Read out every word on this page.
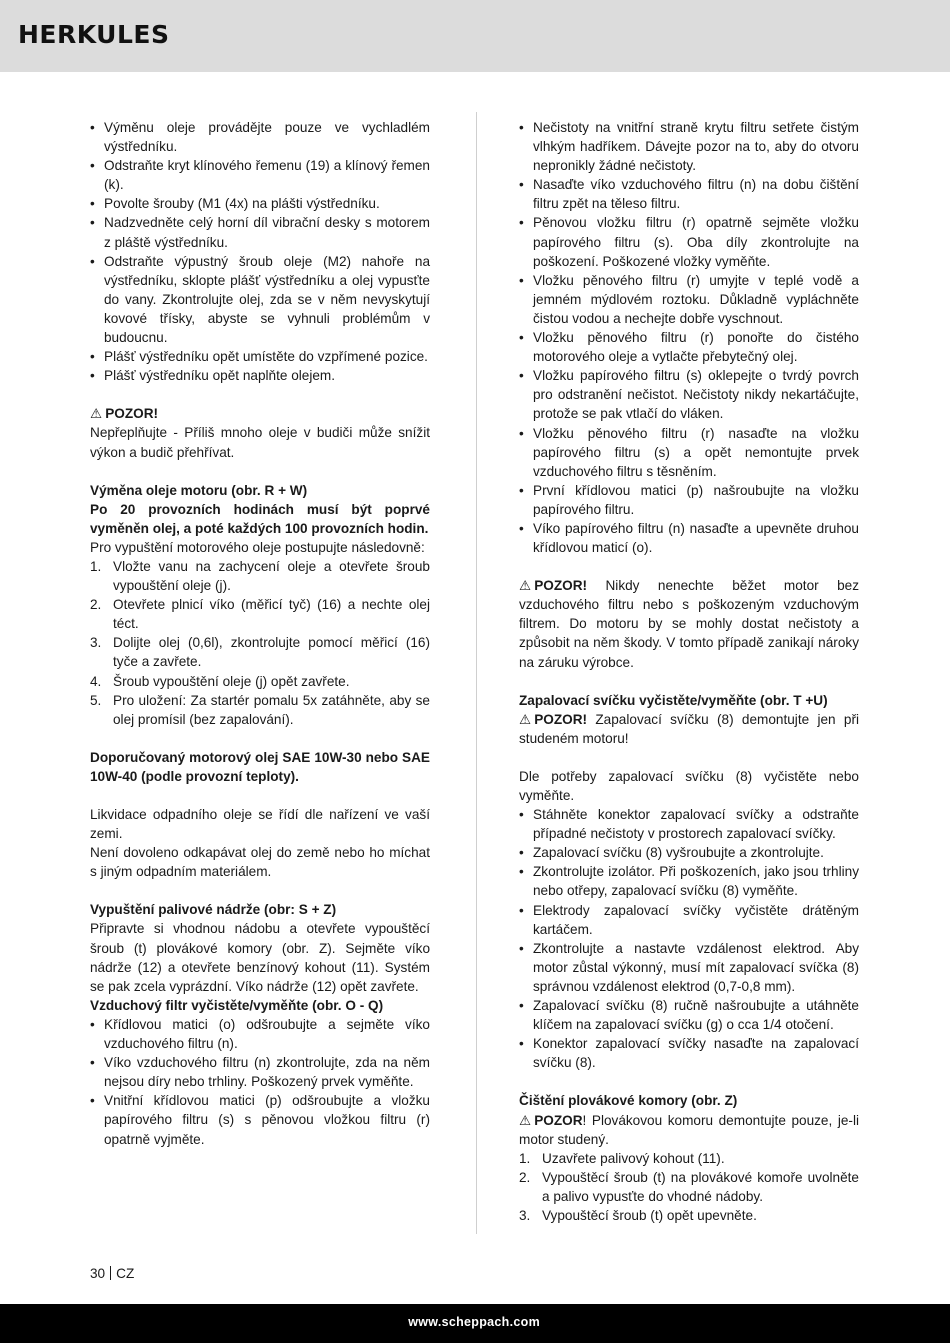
HERKULES
• Výměnu oleje provádějte pouze ve vychladlém výstředníku.
• Odstraňte kryt klínového řemenu (19) a klínový řemen (k).
• Povolte šrouby (M1 (4x) na plášti výstředníku.
• Nadzvedněte celý horní díl vibrační desky s motorem z pláště výstředníku.
• Odstraňte výpustný šroub oleje (M2) nahoře na výstředníku, sklopte plášť výstředníku a olej vypusťte do vany. Zkontrolujte olej, zda se v něm nevyskytují kovové třísky, abyste se vyhnuli problémům v budoucnu.
• Plášť výstředníku opět umístěte do vzpřímené pozice.
• Plášť výstředníku opět naplňte olejem.

⚠ POZOR!

Nepřeplňujte - Příliš mnoho oleje v budiči může snížit výkon a budič přehřívat.

Výměna oleje motoru (obr. R + W)

Po 20 provozních hodinách musí být poprvé vyměněn olej, a poté každých 100 provozních hodin.

Pro vypuštění motorového oleje postupujte následovně:

1. Vložte vanu na zachycení oleje a otevřete šroub vypouštění oleje (j).
2. Otevřete plnicí víko (měřicí tyč) (16) a nechte olej téct.
3. Dolijte olej (0,6l), zkontrolujte pomocí měřicí (16) tyče a zavřete.
4. Šroub vypouštění oleje (j) opět zavřete.
5. Pro uložení: Za startér pomalu 5x zatáhněte, aby se olej promísil (bez zapalování).

Doporučovaný motorový olej SAE 10W-30 nebo SAE 10W-40 (podle provozní teploty).

Likvidace odpadního oleje se řídí dle nařízení ve vaší zemi.

Není dovoleno odkapávat olej do země nebo ho míchat s jiným odpadním materiálem.

Vypuštění palivové nádrže (obr: S + Z)

Připravte si vhodnou nádobu a otevřete vypouštěcí šroub (t) plovákové komory (obr. Z). Sejměte víko nádrže (12) a otevřete benzínový kohout (11). Systém se pak zcela vyprázdní. Víko nádrže (12) opět zavřete.

Vzduchový filtr vyčistěte/vyměňte (obr. O - Q)

• Křídlovou matici (o) odšroubujte a sejměte víko vzduchového filtru (n).
• Víko vzduchového filtru (n) zkontrolujte, zda na něm nejsou díry nebo trhliny. Poškozený prvek vyměňte.
• Vnitřní křídlovou matici (p) odšroubujte a vložku papírového filtru (s) s pěnovou vložkou filtru (r) opatrně vyjměte.
• Nečistoty na vnitřní straně krytu filtru setřete čistým vlhkým hadříkem. Dávejte pozor na to, aby do otvoru nepronikly žádné nečistoty.
• Nasaďte víko vzduchového filtru (n) na dobu čištění filtru zpět na těleso filtru.
• Pěnovou vložku filtru (r) opatrně sejměte vložku papírového filtru (s). Oba díly zkontrolujte na poškození. Poškozené vložky vyměňte.
• Vložku pěnového filtru (r) umyjte v teplé vodě a jemném mýdlovém roztoku. Důkladně vypláchněte čistou vodou a nechejte dobře vyschnout.
• Vložku pěnového filtru (r) ponořte do čistého motorového oleje a vytlačte přebytečný olej.
• Vložku papírového filtru (s) oklepejte o tvrdý povrch pro odstranění nečistot. Nečistoty nikdy nekartáčujte, protože se pak vtlačí do vláken.
• Vložku pěnového filtru (r) nasaďte na vložku papírového filtru (s) a opět nemontujte prvek vzduchového filtru s těsněním.
• První křídlovou matici (p) našroubujte na vložku papírového filtru.
• Víko papírového filtru (n) nasaďte a upevněte druhou křídlovou maticí (o).

⚠ POZOR! Nikdy nenechte běžet motor bez vzduchového filtru nebo s poškozeným vzduchovým filtrem. Do motoru by se mohly dostat nečistoty a způsobit na něm škody. V tomto případě zanikají nároky na záruku výrobce.

Zapalovací svíčku vyčistěte/vyměňte (obr. T +U)

⚠ POZOR! Zapalovací svíčku (8) demontujte jen při studeném motoru!

Dle potřeby zapalovací svíčku (8) vyčistěte nebo vyměňte.

• Stáhněte konektor zapalovací svíčky a odstraňte případné nečistoty v prostorech zapalovací svíčky.
• Zapalovací svíčku (8) vyšroubujte a zkontrolujte.
• Zkontrolujte izolátor. Při poškozeních, jako jsou trhliny nebo otřepy, zapalovací svíčku (8) vyměňte.
• Elektrody zapalovací svíčky vyčistěte drátěným kartáčem.
• Zkontrolujte a nastavte vzdálenost elektrod. Aby motor zůstal výkonný, musí mít zapalovací svíčka (8) správnou vzdálenost elektrod (0,7-0,8 mm).
• Zapalovací svíčku (8) ručně našroubujte a utáhněte klíčem na zapalovací svíčku (g) o cca 1/4 otočení.
• Konektor zapalovací svíčky nasaďte na zapalovací svíčku (8).

Čištění plovákové komory (obr. Z)

⚠ POZOR! Plovákovou komoru demontujte pouze, je-li motor studený.

1. Uzavřete palivový kohout (11).
2. Vypouštěcí šroub (t) na plovákové komoře uvolněte a palivo vypusťte do vhodné nádoby.
3. Vypouštěcí šroub (t) opět upevněte.
30 CZ
www.scheppach.com
